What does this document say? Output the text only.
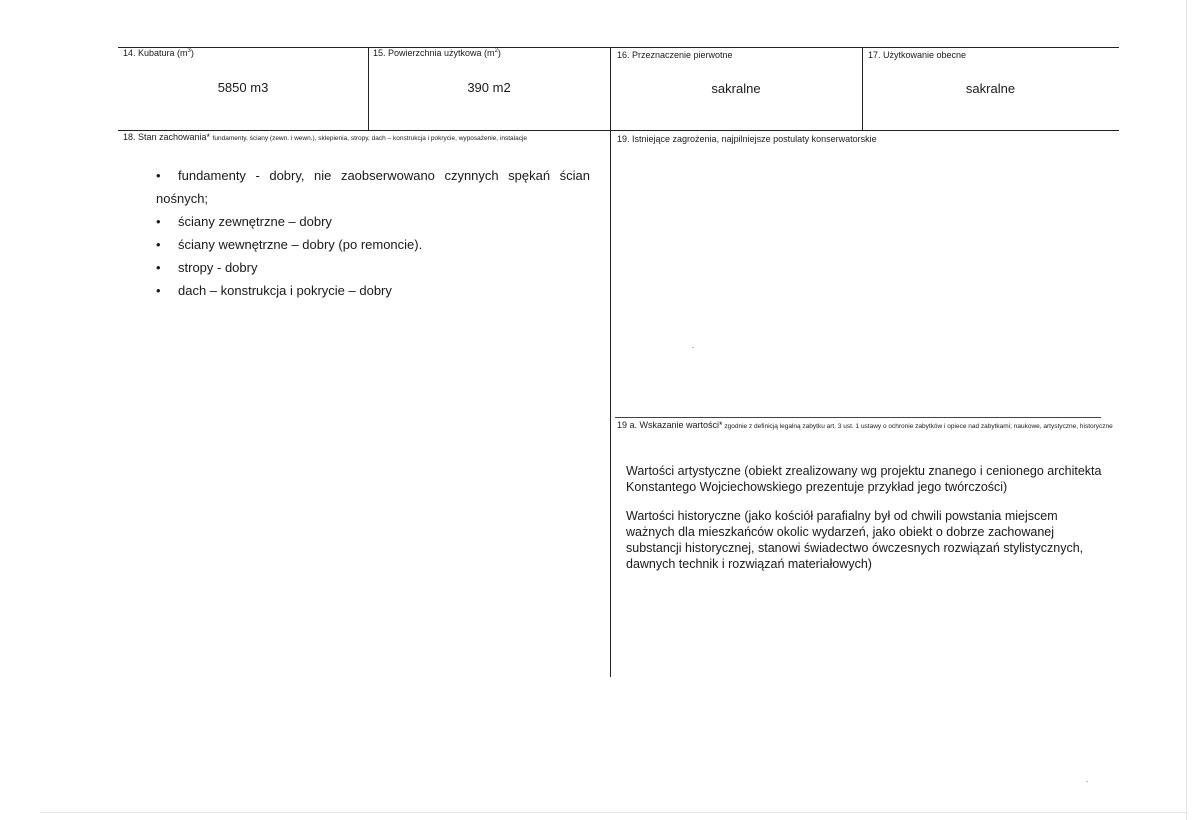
14. Kubatura $(m^3)$
5850 m3
15. Powierzchnia użytkowa $(m^2)$
390 m2
16. Przeznaczenie pierwotne
sakralne
17. Użytkowanie obecne
sakralne
18. Stan zachowania* fundamenty, ściany (zewn. i wewn.), sklepienia, stropy, dach – konstrukcja i pokrycie, wyposażenie, instalacje
• fundamenty - dobry, nie zaobserwowano czynnych spękań ścian
nośnych;
• ściany zewnętrzne – dobry
• ściany wewnętrzne – dobry (po remoncie).
• stropy - dobry
• dach – konstrukcja i pokrycie – dobry
19. Istniejące zagrożenia, najpilniejsze postulaty konserwatorskie
19 a. Wskazanie wartości* zgodnie z definicją legalną zabytku art. 3 ust. 1 ustawy o ochronie zabytków i opiece nad zabytkami; naukowe, artystyczne, historyczne
Wartości artystyczne (obiekt zrealizowany wg projektu znanego i cenionego architekta Konstantego Wojciechowskiego prezentuje przykład jego twórczości)
Wartości historyczne (jako kościół parafialny był od chwili powstania miejscem ważnych dla mieszkańców okolic wydarzeń, jako obiekt o dobrze zachowanej substancji historycznej, stanowi świadectwo ówczesnych rozwiązań stylistycznych, dawnych technik i rozwiązań materiałowych)
